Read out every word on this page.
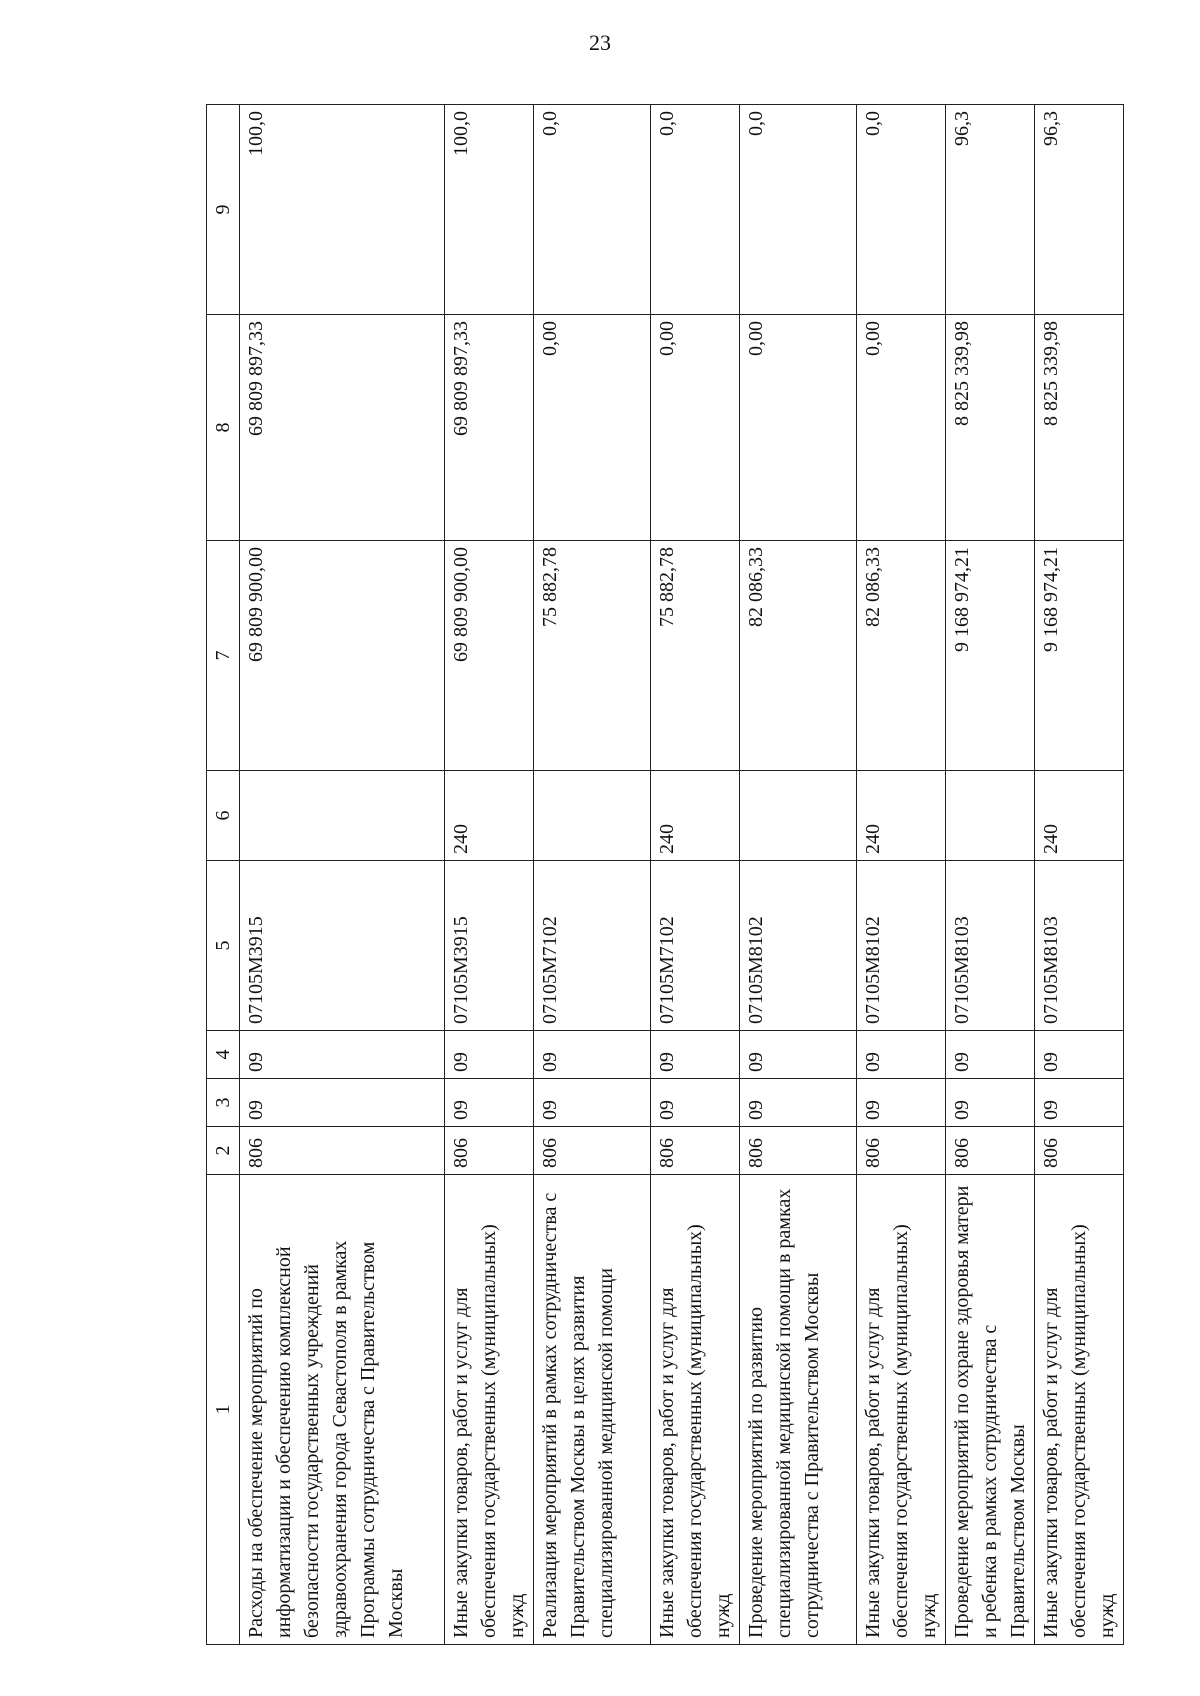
23
1	2	3	4	5	6	7	8	9
Расходы на обеспечение мероприятий по информатизации и обеспечению комплексной безопасности государственных учреждений здравоохранения города Севастополя в рамках Программы сотрудничества с Правительством Москвы	806	09	09	07105М3915		69 809 900,00	69 809 897,33	100,0
Иные закупки товаров, работ и услуг для обеспечения государственных (муниципальных) нужд	806	09	09	07105М3915	240	69 809 900,00	69 809 897,33	100,0
Реализация мероприятий в рамках сотрудничества с Правительством Москвы в целях развития специализированной медицинской помощи	806	09	09	07105М7102		75 882,78	0,00	0,0
Иные закупки товаров, работ и услуг для обеспечения государственных (муниципальных) нужд	806	09	09	07105М7102	240	75 882,78	0,00	0,0
Проведение мероприятий по развитию специализированной медицинской помощи в рамках сотрудничества с Правительством Москвы	806	09	09	07105М8102		82 086,33	0,00	0,0
Иные закупки товаров, работ и услуг для обеспечения государственных (муниципальных) нужд	806	09	09	07105М8102	240	82 086,33	0,00	0,0
Проведение мероприятий по охране здоровья матери и ребенка в рамках сотрудничества с Правительством Москвы	806	09	09	07105М8103		9 168 974,21	8 825 339,98	96,3
Иные закупки товаров, работ и услуг для обеспечения государственных (муниципальных) нужд	806	09	09	07105М8103	240	9 168 974,21	8 825 339,98	96,3
